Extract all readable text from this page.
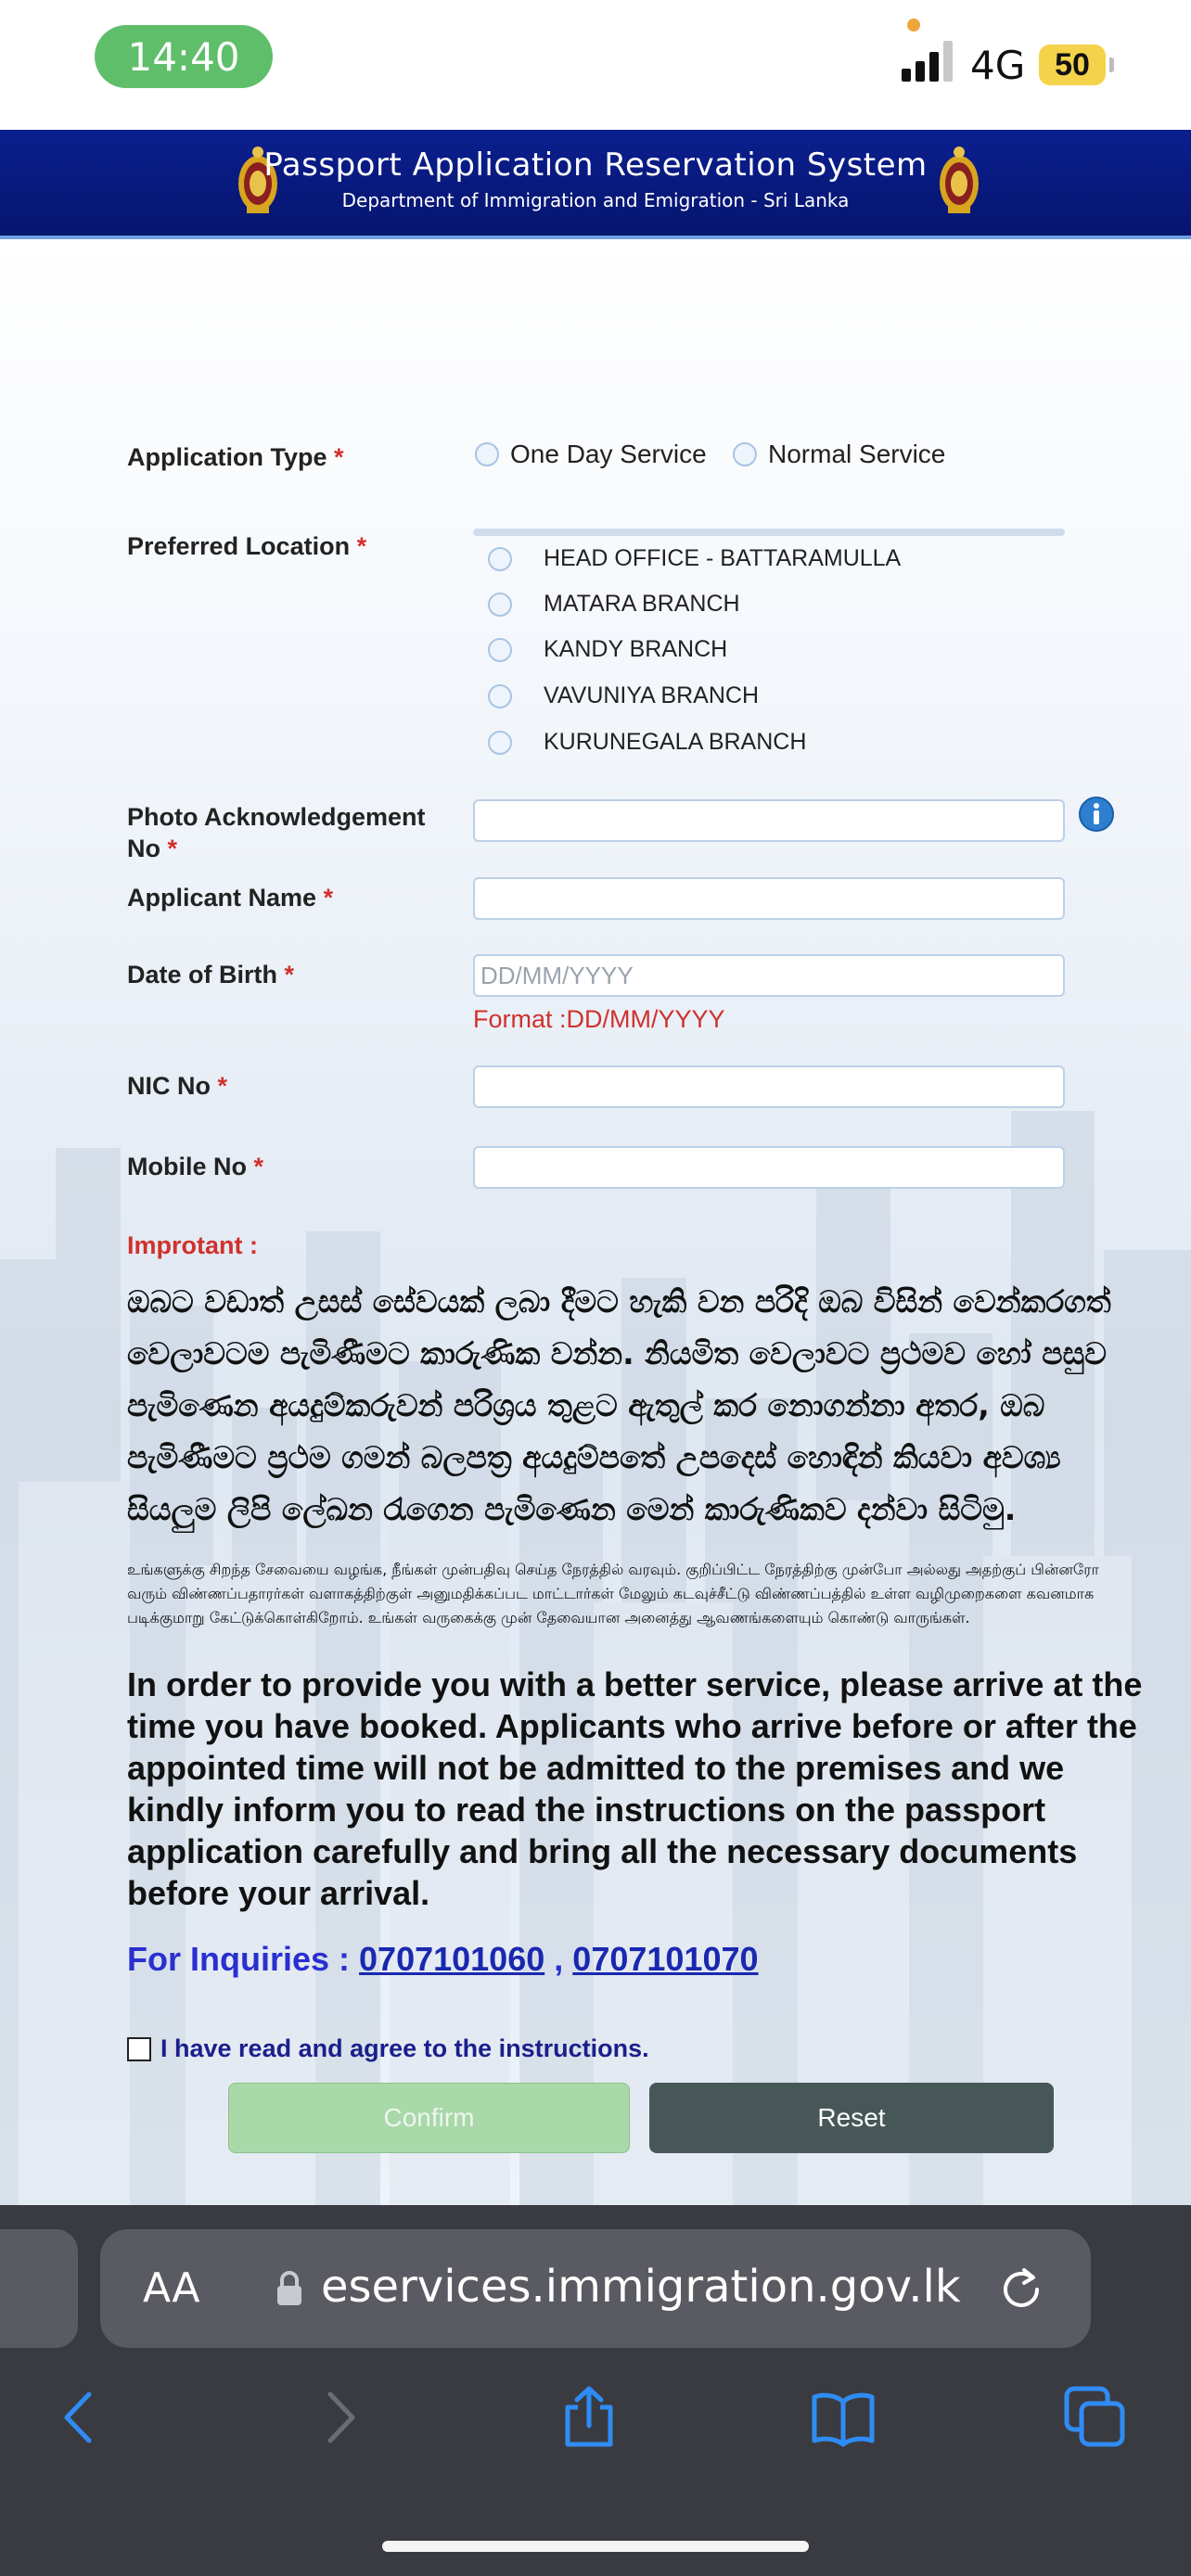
14:40	4G 50
Passport Application Reservation System
Department of Immigration and Emigration - Sri Lanka
Application Type *	One Day Service Normal Service
Preferred Location *	HEAD OFFICE - BATTARAMULLA
MATARA BRANCH
KANDY BRANCH
VAVUNIYA BRANCH
KURUNEGALA BRANCH
Photo Acknowledgement
No *
Applicant Name *
Date of Birth *
DD/MM/YYYY
Format :DD/MM/YYYY
NIC No *
Mobile No *
Improtant :
ඔබට වඩාත් උසස් සේවයක් ලබා දීමට හැකි වන පරිදි ඔබ විසින් වෙන්කරගත් වෙලාවටම පැමිණීමට කාරුණික වන්න. නියමිත වෙලාවට ප්‍රථමව හෝ පසුව පැමිණෙන අයදුම්කරුවන් පරිශ්‍රය තුළට ඇතුල් කර නොගන්නා අතර, ඔබ පැමිණීමට ප්‍රථම ගමන් බලපත්‍ර අයදුම්පතේ උපදෙස් හොඳින් කියවා අවශ්‍ය සියලුම ලිපි ලේඛන රැගෙන පැමිණෙන මෙන් කාරුණිකව දන්වා සිටිමු.
உங்களுக்கு சிறந்த சேவையை வழங்க, நீங்கள் முன்பதிவு செய்த நேரத்தில் வரவும். குறிப்பிட்ட நேரத்திற்கு முன்போ அல்லது அதற்குப் பின்னரோ வரும் விண்ணப்பதாரர்கள் வளாகத்திற்குள் அனுமதிக்கப்பட மாட்டார்கள் மேலும் கடவுச்சீட்டு விண்ணப்பத்தில் உள்ள வழிமுறைகளை கவனமாக படிக்குமாறு கேட்டுக்கொள்கிறோம். உங்கள் வருகைக்கு முன் தேவையான அனைத்து ஆவணங்களையும் கொண்டு வாருங்கள்.
In order to provide you with a better service, please arrive at the time you have booked. Applicants who arrive before or after the appointed time will not be admitted to the premises and we kindly inform you to read the instructions on the passport application carefully and bring all the necessary documents before your arrival.
For Inquiries : 0707101060 , 0707101070
I have read and agree to the instructions.
Confirm	Reset
AA	eservices.immigration.gov.lk
